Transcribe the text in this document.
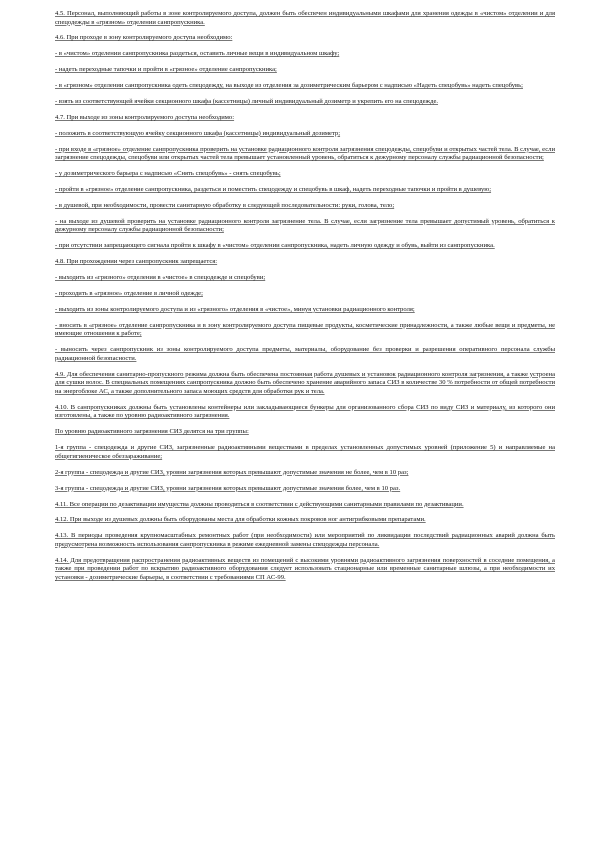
4.5. Персонал, выполняющий работы в зоне контролируемого доступа, должен быть обеспечен индивидуальными шкафами для хранения одежды в «чистом» отделении и для спецодежды в «грязном» отделении санпропускника.

4.6. При проходе в зону контролируемого доступа необходимо:

- в «чистом» отделении санпропускника раздеться, оставить личные вещи в индивидуальном шкафу;

- надеть переходные тапочки и пройти в «грязное» отделение санпропускника;

- в «грязном» отделении санпропускника одеть спецодежду, на выходе из отделения за дозиметрическим барьером с надписью «Надеть спецобувь» надеть спецобувь;

- взять из соответствующей ячейки секционного шкафа (кассетницы) личный индивидуальный дозиметр и укрепить его на спецодежде.

4.7. При выходе из зоны контролируемого доступа необходимо:

- положить в соответствующую ячейку секционного шкафа (кассетницы) индивидуальный дозиметр;

- при входе в «грязное» отделение санпропускника проверить на установке радиационного контроля загрязнения спецодежды, спецобуви и открытых частей тела. В случае, если загрязнение спецодежды, спецобуви или открытых частей тела превышает установленный уровень, обратиться к дежурному персоналу службы радиационной безопасности;

- у дозиметрического барьера с надписью «Снять спецобувь» - снять спецобувь;

- пройти в «грязное» отделение санпропускника, раздеться и поместить спецодежду и спецобувь в шкаф, надеть переходные тапочки и пройти в душевую;

- в душевой, при необходимости, провести санитарную обработку в следующей последовательности: руки, голова, тело;

- на выходе из душевой проверить на установке радиационного контроля загрязнение тела. В случае, если загрязнение тела превышает допустимый уровень, обратиться к дежурному персоналу службы радиационной безопасности;

- при отсутствии запрещающего сигнала пройти к шкафу в «чистом» отделении санпропускника, надеть личную одежду и обувь, выйти из санпропускника.

4.8. При прохождении через санпропускник запрещается:

- выходить из «грязного» отделения в «чистое» в спецодежде и спецобуви;

- проходить в «грязное» отделение в личной одежде;

- выходить из зоны контролируемого доступа и из «грязного» отделения в «чистое», минуя установки радиационного контроля;

- вносить в «грязное» отделение санпропускника и в зону контролируемого доступа пищевые продукты, косметические принадлежности, а также любые вещи и предметы, не имеющие отношения к работе;

- выносить через санпропускник из зоны контролируемого доступа предметы, материалы, оборудование без проверки и разрешения оперативного персонала службы радиационной безопасности.

4.9. Для обеспечения санитарно-пропускного режима должна быть обеспечена постоянная работа душевых и установок радиационного контроля загрязнения, а также устроена для сушки волос. В специальных помещениях санпропускника должно быть обеспечено хранение аварийного запаса СИЗ в количестве 30 % потребности от общей потребности на энергоблоке АС, а также дополнительного запаса моющих средств для обработки рук и тела.

4.10. В санпропускниках должны быть установлены контейнеры или закладывающиеся бункеры для организованного сбора СИЗ по виду СИЗ и материалу, из которого они изготовлены, а также по уровню радиоактивного загрязнения.

По уровню радиоактивного загрязнения СИЗ делятся на три группы:

1-я группа - спецодежда и другие СИЗ, загрязненные радиоактивными веществами в пределах установленных допустимых уровней (приложение 5) и направляемые на общегигиеническое обеззараживание;

2-я группа - спецодежда и другие СИЗ, уровни загрязнения которых превышают допустимые значения не более, чем в 10 раз;

3-я группа - спецодежда и другие СИЗ, уровни загрязнения которых превышают допустимые значения более, чем в 10 раз.

4.11. Все операции по дезактивации имущества должны проводиться в соответствии с действующими санитарными правилами по дезактивации.

4.12. При выходе из душевых должны быть оборудованы места для обработки кожных покровов ног антигрибковыми препаратами.

4.13. В периоды проведения крупномасштабных ремонтных работ (при необходимости) или мероприятий по ликвидации последствий радиационных аварий должна быть предусмотрена возможность использования санпропускника в режиме ежедневной замены спецодежды персонала.

4.14. Для предотвращения распространения радиоактивных веществ из помещений с высокими уровнями радиоактивного загрязнения поверхностей в соседние помещения, а также при проведении работ по вскрытию радиоактивного оборудования следует использовать стационарные или временные санитарные шлюзы, а при необходимости их установки - дозиметрические барьеры, в соответствии с требованиями СП АС-99.
